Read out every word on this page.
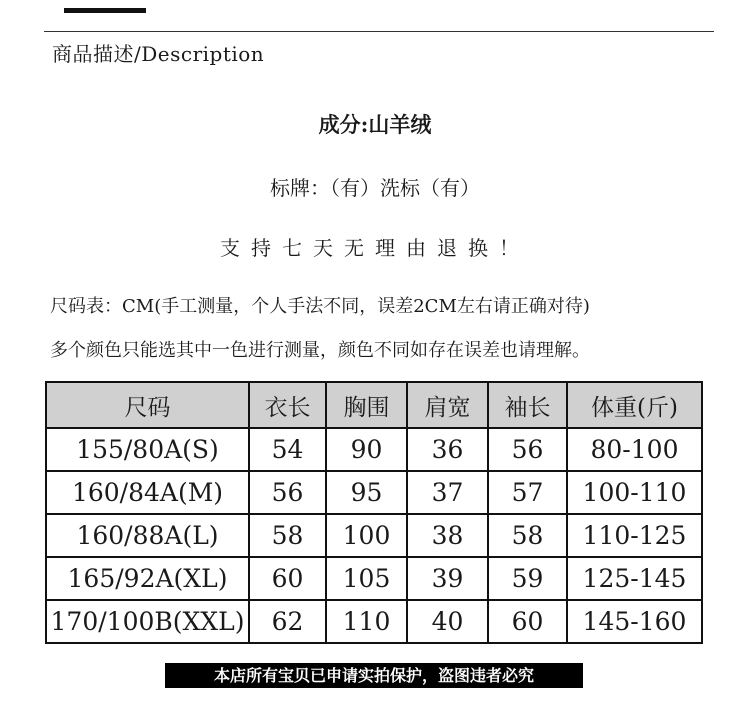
商品描述/Description
成分:山羊绒
标牌：（有）洗标（有）
支持七天无理由退换！
尺码表：CM(手工测量，个人手法不同，误差2CM左右请正确对待)
多个颜色只能选其中一色进行测量，颜色不同如存在误差也请理解。
尺码	衣长	胸围	肩宽	袖长	体重(斤)
155/80A(S)	54	90	36	56	80-100
160/84A(M)	56	95	37	57	100-110
160/88A(L)	58	100	38	58	110-125
165/92A(XL)	60	105	39	59	125-145
170/100B(XXL)	62	110	40	60	145-160
本店所有宝贝已申请实拍保护，盗图违者必究
